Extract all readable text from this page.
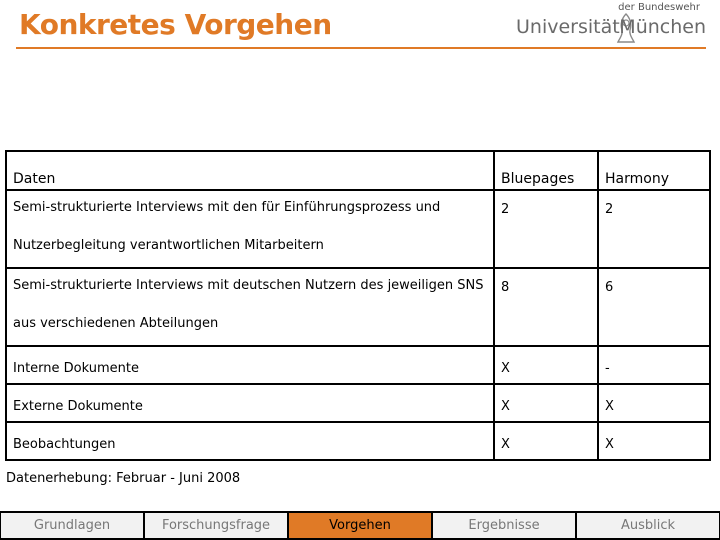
Konkretes Vorgehen
der Bundeswehr
Universität München
Daten	Bluepages	Harmony

Semi-strukturierte Interviews mit den für Einführungsprozess und
Nutzerbegleitung verantwortlichen Mitarbeitern	2	2

Semi-strukturierte Interviews mit deutschen Nutzern des jeweiligen SNS
aus verschiedenen Abteilungen	8	6

Interne Dokumente	X	-
Externe Dokumente	X	X
Beobachtungen	X	X
Datenerhebung: Februar - Juni 2008
Grundlagen	Forschungsfrage	Vorgehen	Ergebnisse	Ausblick
